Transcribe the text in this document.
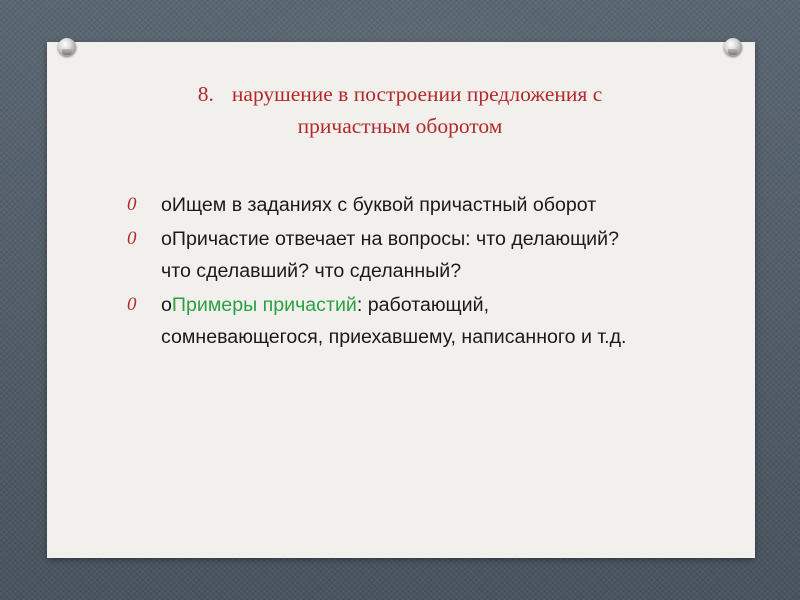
8. нарушение в построении предложения с
причастным оборотом
0 оИщем в заданиях с буквой причастный оборот
0 оПричастие отвечает на вопросы: что делающий? что сделавший? что сделанный?
0 оПримеры причастий: работающий, сомневающегося, приехавшему, написанного и т.д.
